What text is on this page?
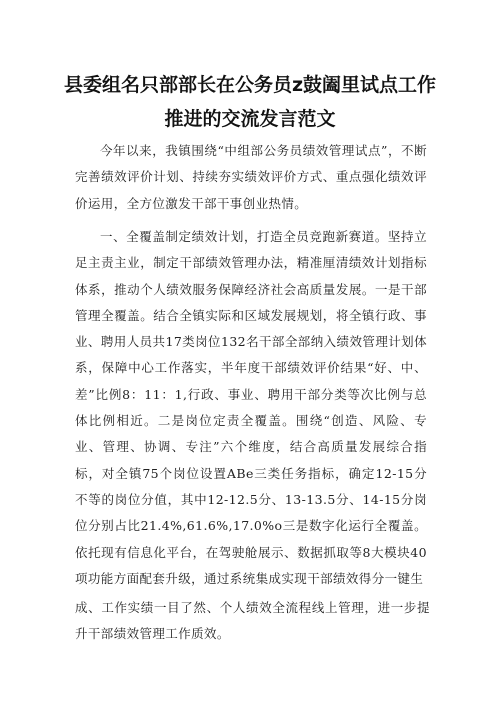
县委组名只部部长在公务员z鼓阖里试点工作推进的交流发言范文

今年以来，我镇围绕“中组部公务员绩效管理试点”，不断完善绩效评价计划、持续夯实绩效评价方式、重点强化绩效评价运用，全方位激发干部干事创业热情。

一、全覆盖制定绩效计划，打造全员竞跑新赛道。坚持立足主责主业，制定干部绩效管理办法，精准厘清绩效计划指标体系，推动个人绩效服务保障经济社会高质量发展。一是干部管理全覆盖。结合全镇实际和区域发展规划，将全镇行政、事业、聘用人员共17类岗位132名干部全部纳入绩效管理计划体系，保障中心工作落实，半年度干部绩效评价结果“好、中、差”比例8：11：1,行政、事业、聘用干部分类等次比例与总体比例相近。二是岗位定责全覆盖。围绕“创造、风险、专业、管理、协调、专注”六个维度，结合高质量发展综合指标，对全镇75个岗位设置ABe三类任务指标，确定12-15分不等的岗位分值，其中12-12.5分、13-13.5分、14-15分岗位分别占比21.4%,61.6%,17.0%o三是数字化运行全覆盖。依托现有信息化平台，在驾驶舱展示、数据抓取等8大模块40项功能方面配套升级，通过系统集成实现干部绩效得分一键生

成、工作实绩一目了然、个人绩效全流程线上管理，进一步提升干部绩效管理工作质效。
